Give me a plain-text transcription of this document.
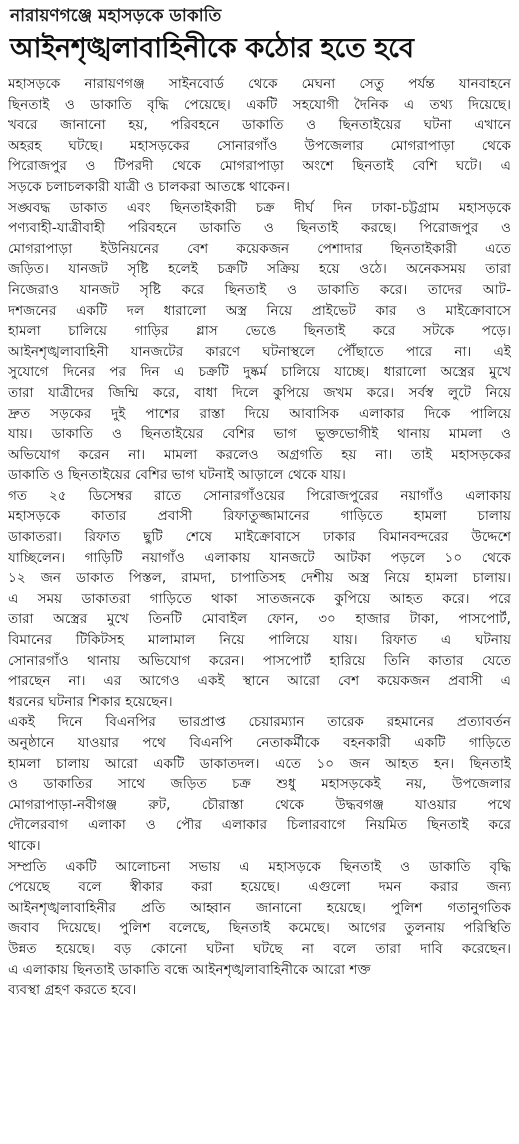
নারায়ণগঞ্জে মহাসড়কে ডাকাতি
আইনশৃঙ্খলাবাহিনীকে কঠোর হতে হবে
মহাসড়কে নারায়ণগঞ্জ সাইনবোর্ড থেকে মেঘনা সেতু পর্যন্ত যানবাহনে
ছিনতাই ও ডাকাতি বৃদ্ধি পেয়েছে। একটি সহযোগী দৈনিক এ তথ্য দিয়েছে।
খবরে জানানো হয়, পরিবহনে ডাকাতি ও ছিনতাইয়ের ঘটনা এখানে
অহরহ ঘটছে। মহাসড়কের সোনারগাঁও উপজেলার মোগরাপাড়া থেকে
পিরোজপুর ও টিপরদী থেকে মোগরাপাড়া অংশে ছিনতাই বেশি ঘটে। এ
সড়কে চলাচলকারী যাত্রী ও চালকরা আতঙ্কে থাকেন।
সঙ্ঘবদ্ধ ডাকাত এবং ছিনতাইকারী চক্র দীর্ঘ দিন ঢাকা-চট্টগ্রাম মহাসড়কে
পণ্যবাহী-যাত্রীবাহী পরিবহনে ডাকাতি ও ছিনতাই করছে। পিরোজপুর ও
মোগরাপাড়া ইউনিয়নের বেশ কয়েকজন পেশাদার ছিনতাইকারী এতে
জড়িত। যানজট সৃষ্টি হলেই চক্রটি সক্রিয় হয়ে ওঠে। অনেকসময় তারা
নিজেরাও যানজট সৃষ্টি করে ছিনতাই ও ডাকাতি করে। তাদের আট-
দশজনের একটি দল ধারালো অস্ত্র নিয়ে প্রাইভেট কার ও মাইক্রোবাসে
হামলা চালিয়ে গাড়ির গ্লাস ভেঙে ছিনতাই করে সটকে পড়ে।
আইনশৃঙ্খলাবাহিনী যানজটের কারণে ঘটনাস্থলে পৌঁছাতে পারে না। এই
সুযোগে দিনের পর দিন এ চক্রটি দুষ্কর্ম চালিয়ে যাচ্ছে। ধারালো অস্ত্রের মুখে
তারা যাত্রীদের জিম্মি করে, বাধা দিলে কুপিয়ে জখম করে। সর্বস্ব লুটে নিয়ে
দ্রুত সড়কের দুই পাশের রাস্তা দিয়ে আবাসিক এলাকার দিকে পালিয়ে
যায়। ডাকাতি ও ছিনতাইয়ের বেশির ভাগ ভুক্তভোগীই থানায় মামলা ও
অভিযোগ করেন না। মামলা করলেও অগ্রগতি হয় না। তাই মহাসড়কের
ডাকাতি ও ছিনতাইয়ের বেশির ভাগ ঘটনাই আড়ালে থেকে যায়।
গত ২৫ ডিসেম্বর রাতে সোনারগাঁওয়ের পিরোজপুরের নয়াগাঁও এলাকায়
মহাসড়কে কাতার প্রবাসী রিফাতুজ্জামানের গাড়িতে হামলা চালায়
ডাকাতরা। রিফাত ছুটি শেষে মাইক্রোবাসে ঢাকার বিমানবন্দরের উদ্দেশে
যাচ্ছিলেন। গাড়িটি নয়াগাঁও এলাকায় যানজটে আটকা পড়লে ১০ থেকে
১২ জন ডাকাত পিস্তল, রামদা, চাপাতিসহ দেশীয় অস্ত্র নিয়ে হামলা চালায়।
এ সময় ডাকাতরা গাড়িতে থাকা সাতজনকে কুপিয়ে আহত করে। পরে
তারা অস্ত্রের মুখে তিনটি মোবাইল ফোন, ৩০ হাজার টাকা, পাসপোর্ট,
বিমানের টিকিটসহ মালামাল নিয়ে পালিয়ে যায়। রিফাত এ ঘটনায়
সোনারগাঁও থানায় অভিযোগ করেন। পাসপোর্ট হারিয়ে তিনি কাতার যেতে
পারছেন না। এর আগেও একই স্থানে আরো বেশ কয়েকজন প্রবাসী এ
ধরনের ঘটনার শিকার হয়েছেন।
একই দিনে বিএনপির ভারপ্রাপ্ত চেয়ারম্যান তারেক রহমানের প্রত্যাবর্তন
অনুষ্ঠানে যাওয়ার পথে বিএনপি নেতাকর্মীকে বহনকারী একটি গাড়িতে
হামলা চালায় আরো একটি ডাকাতদল। এতে ১০ জন আহত হন। ছিনতাই
ও ডাকাতির সাথে জড়িত চক্র শুধু মহাসড়কেই নয়, উপজেলার
মোগরাপাড়া-নবীগঞ্জ রুট, চৌরাস্তা থেকে উদ্ধবগঞ্জ যাওয়ার পথে
দৌলেরবাগ এলাকা ও পৌর এলাকার চিলারবাগে নিয়মিত ছিনতাই করে
থাকে।
সম্প্রতি একটি আলোচনা সভায় এ মহাসড়কে ছিনতাই ও ডাকাতি বৃদ্ধি
পেয়েছে বলে স্বীকার করা হয়েছে। এগুলো দমন করার জন্য
আইনশৃঙ্খলাবাহিনীর প্রতি আহ্বান জানানো হয়েছে। পুলিশ গতানুগতিক
জবাব দিয়েছে। পুলিশ বলেছে, ছিনতাই কমেছে। আগের তুলনায় পরিস্থিতি
উন্নত হয়েছে। বড় কোনো ঘটনা ঘটছে না বলে তারা দাবি করেছেন।
এ এলাকায় ছিনতাই ডাকাতি বন্ধে আইনশৃঙ্খলাবাহিনীকে আরো শক্ত
ব্যবস্থা গ্রহণ করতে হবে।
